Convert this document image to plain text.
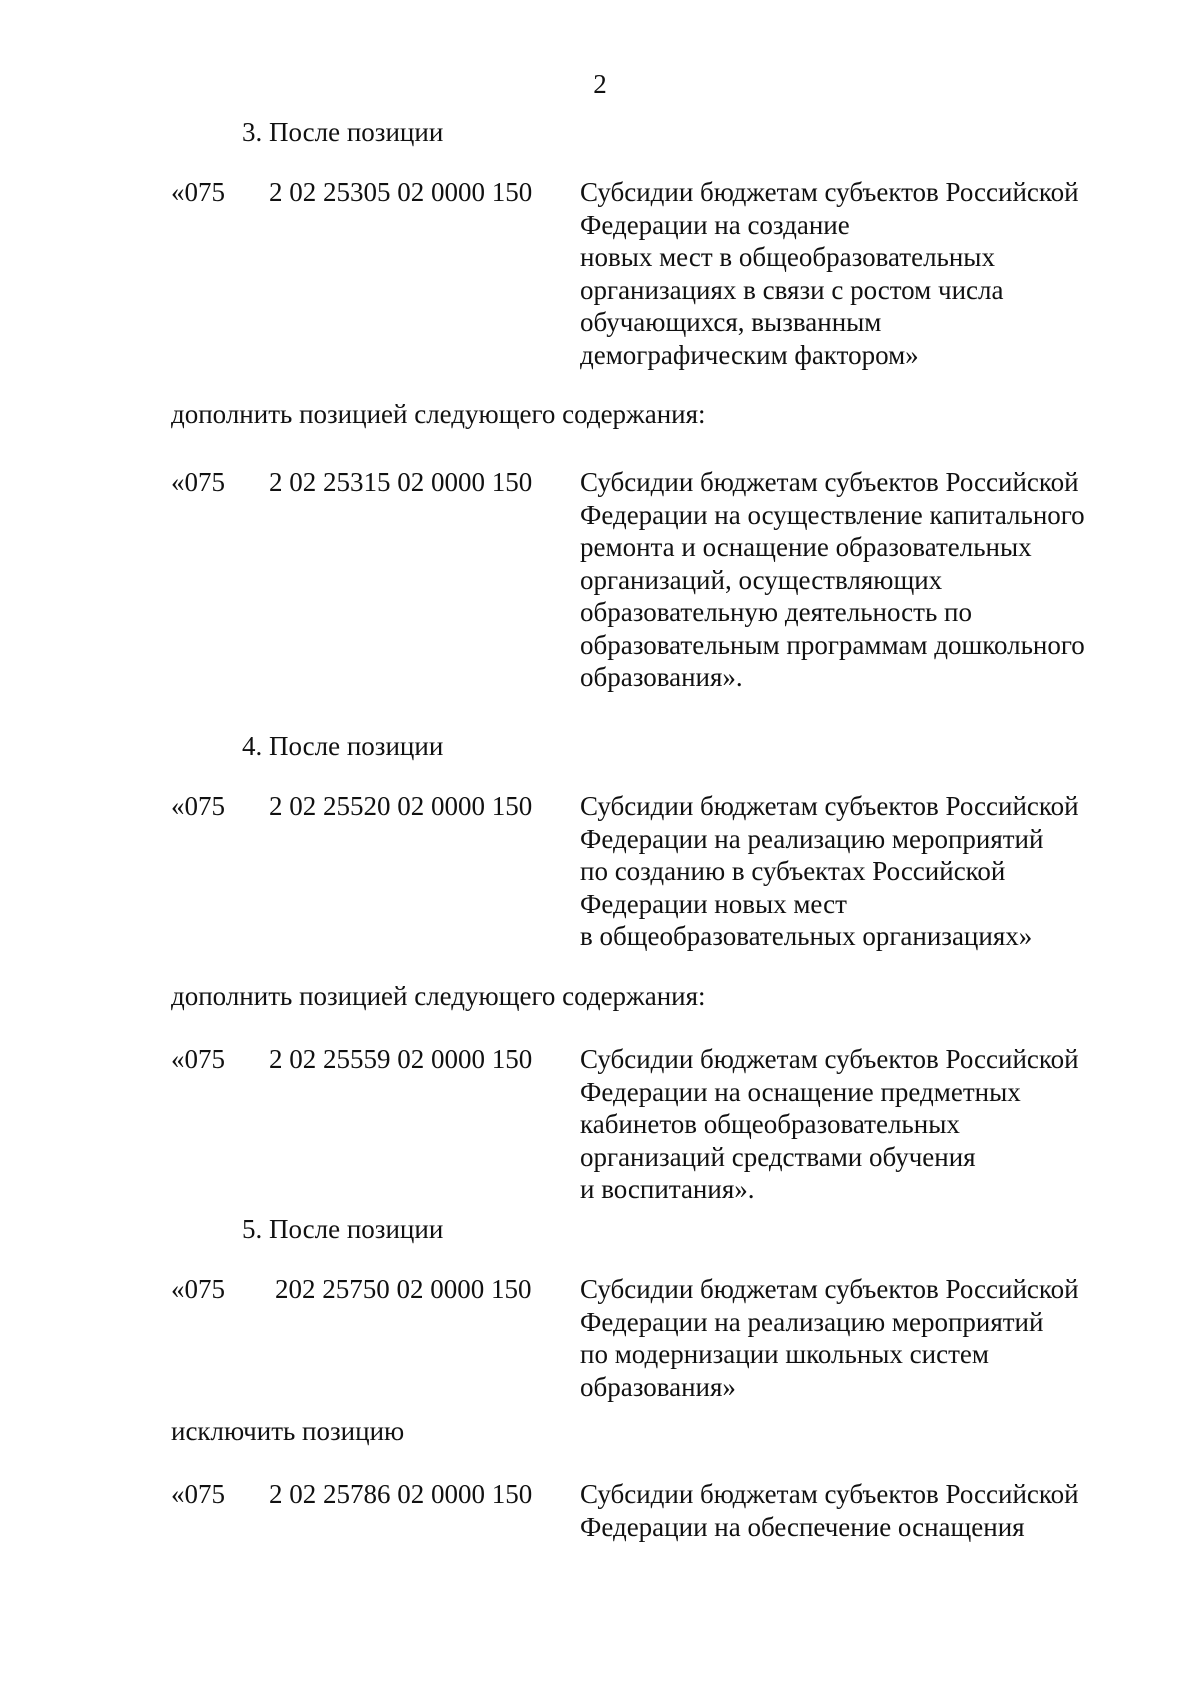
2
3. После позиции
«075 2 02 25305 02 0000 150 Субсидии бюджетам субъектов Российской
Федерации на создание
новых мест в общеобразовательных
организациях в связи с ростом числа
обучающихся, вызванным
демографическим фактором»
дополнить позицией следующего содержания:
«075 2 02 25315 02 0000 150 Субсидии бюджетам субъектов Российской
Федерации на осуществление капитального
ремонта и оснащение образовательных
организаций, осуществляющих
образовательную деятельность по
образовательным программам дошкольного
образования».
4. После позиции
«075 2 02 25520 02 0000 150 Субсидии бюджетам субъектов Российской
Федерации на реализацию мероприятий
по созданию в субъектах Российской
Федерации новых мест
в общеобразовательных организациях»
дополнить позицией следующего содержания:
«075 2 02 25559 02 0000 150 Субсидии бюджетам субъектов Российской
Федерации на оснащение предметных
кабинетов общеобразовательных
организаций средствами обучения
и воспитания».
5. После позиции
«075 202 25750 02 0000 150 Субсидии бюджетам субъектов Российской
Федерации на реализацию мероприятий
по модернизации школьных систем
образования»
исключить позицию
«075 2 02 25786 02 0000 150 Субсидии бюджетам субъектов Российской
Федерации на обеспечение оснащения
